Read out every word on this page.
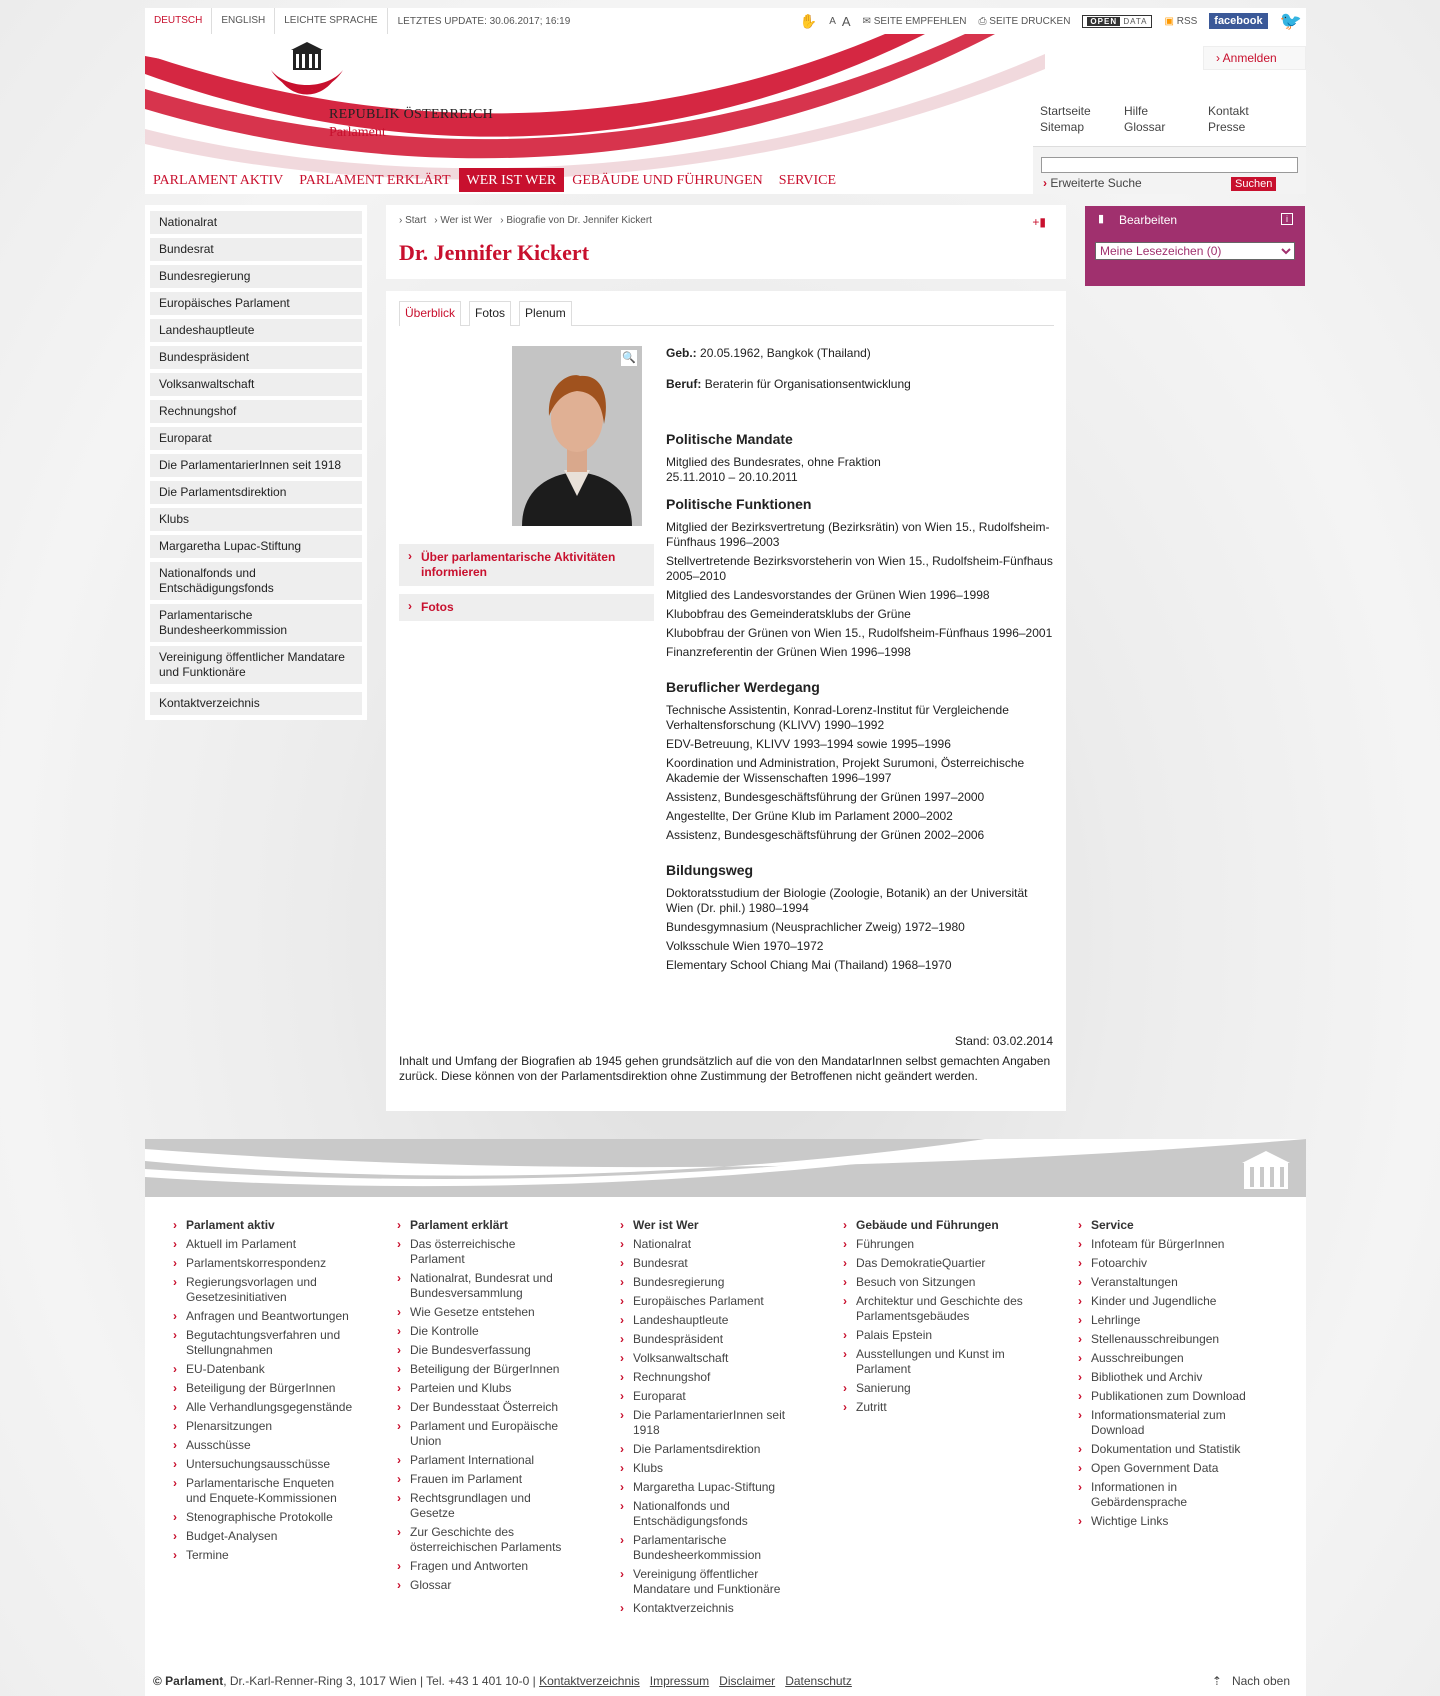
DEUTSCH	ENGLISH	LEICHTE SPRACHE	LETZTES UPDATE: 30.06.2017; 16:19	✋ A A ✉ SEITE EMPFEHLEN ⎙ SEITE DRUCKEN	OPEN DATA	▣ RSS	facebook 🐦
REPUBLIK ÖSTERREICH
Parlament
› Anmelden
Startseite	Hilfe	Kontakt
Sitemap	Glossar	Presse
› Erweiterte Suche	Suchen
PARLAMENT AKTIV	PARLAMENT ERKLÄRT	WER IST WER	GEBÄUDE UND FÜHRUNGEN	SERVICE
Nationalrat
Bundesrat
Bundesregierung
Europäisches Parlament
Landeshauptleute
Bundespräsident
Volksanwaltschaft
Rechnungshof
Europarat
Die ParlamentarierInnen seit 1918
Die Parlamentsdirektion
Klubs
Margaretha Lupac-Stiftung
Nationalfonds und Entschädigungsfonds
Parlamentarische Bundesheerkommission
Vereinigung öffentlicher Mandatare und Funktionäre
Kontaktverzeichnis
› Start	› Wer ist Wer	› Biografie von Dr. Jennifer Kickert	+▮
Dr. Jennifer Kickert
Überblick	Fotos	Plenum
🔍
› Über parlamentarische Aktivitäten informieren
› Fotos
Geb.: 20.05.1962, Bangkok (Thailand)
Beruf: Beraterin für Organisationsentwicklung
Politische Mandate

Mitglied des Bundesrates, ohne Fraktion 25.11.2010 – 20.10.2011

Politische Funktionen

Mitglied der Bezirksvertretung (Bezirksrätin) von Wien 15., Rudolfsheim-Fünfhaus 1996–2003

Stellvertretende Bezirksvorsteherin von Wien 15., Rudolfsheim-Fünfhaus 2005–2010

Mitglied des Landesvorstandes der Grünen Wien 1996–1998

Klubobfrau des Gemeinderatsklubs der Grüne

Klubobfrau der Grünen von Wien 15., Rudolfsheim-Fünfhaus 1996–2001

Finanzreferentin der Grünen Wien 1996–1998

Beruflicher Werdegang

Technische Assistentin, Konrad-Lorenz-Institut für Vergleichende Verhaltensforschung (KLIVV) 1990–1992

EDV-Betreuung, KLIVV 1993–1994 sowie 1995–1996

Koordination und Administration, Projekt Surumoni, Österreichische Akademie der Wissenschaften 1996–1997

Assistenz, Bundesgeschäftsführung der Grünen 1997–2000

Angestellte, Der Grüne Klub im Parlament 2000–2002

Assistenz, Bundesgeschäftsführung der Grünen 2002–2006

Bildungsweg

Doktoratsstudium der Biologie (Zoologie, Botanik) an der Universität Wien (Dr. phil.) 1980–1994

Bundesgymnasium (Neusprachlicher Zweig) 1972–1980

Volksschule Wien 1970–1972

Elementary School Chiang Mai (Thailand) 1968–1970

Stand: 03.02.2014
Inhalt und Umfang der Biografien ab 1945 gehen grundsätzlich auf die von den MandatarInnen selbst gemachten Angaben zurück. Diese können von der Parlamentsdirektion ohne Zustimmung der Betroffenen nicht geändert werden.
▮ Bearbeiten	i
Meine Lesezeichen (0)
› Parlament aktiv
› Aktuell im Parlament
› Parlamentskorrespondenz
› Regierungsvorlagen und Gesetzesinitiativen
› Anfragen und Beantwortungen
› Begutachtungsverfahren und Stellungnahmen
› EU-Datenbank
› Beteiligung der BürgerInnen
› Alle Verhandlungsgegenstände
› Plenarsitzungen
› Ausschüsse
› Untersuchungsausschüsse
› Parlamentarische Enqueten und Enquete-Kommissionen
› Stenographische Protokolle
› Budget-Analysen
› Termine
› Parlament erklärt
› Das österreichische Parlament
› Nationalrat, Bundesrat und Bundesversammlung
› Wie Gesetze entstehen
› Die Kontrolle
› Die Bundesverfassung
› Beteiligung der BürgerInnen
› Parteien und Klubs
› Der Bundesstaat Österreich
› Parlament und Europäische Union
› Parlament International
› Frauen im Parlament
› Rechtsgrundlagen und Gesetze
› Zur Geschichte des österreichischen Parlaments
› Fragen und Antworten
› Glossar
› Wer ist Wer
› Nationalrat
› Bundesrat
› Bundesregierung
› Europäisches Parlament
› Landeshauptleute
› Bundespräsident
› Volksanwaltschaft
› Rechnungshof
› Europarat
› Die ParlamentarierInnen seit 1918
› Die Parlamentsdirektion
› Klubs
› Margaretha Lupac-Stiftung
› Nationalfonds und Entschädigungsfonds
› Parlamentarische Bundesheerkommission
› Vereinigung öffentlicher Mandatare und Funktionäre
› Kontaktverzeichnis
› Gebäude und Führungen
› Führungen
› Das DemokratieQuartier
› Besuch von Sitzungen
› Architektur und Geschichte des Parlamentsgebäudes
› Palais Epstein
› Ausstellungen und Kunst im Parlament
› Sanierung
› Zutritt
› Service
› Infoteam für BürgerInnen
› Fotoarchiv
› Veranstaltungen
› Kinder und Jugendliche
› Lehrlinge
› Stellenausschreibungen
› Ausschreibungen
› Bibliothek und Archiv
› Publikationen zum Download
› Informationsmaterial zum Download
› Dokumentation und Statistik
› Open Government Data
› Informationen in Gebärdensprache
› Wichtige Links
© Parlament, Dr.-Karl-Renner-Ring 3, 1017 Wien | Tel. +43 1 401 10-0 | Kontaktverzeichnis Impressum Disclaimer Datenschutz	⇡ Nach oben
